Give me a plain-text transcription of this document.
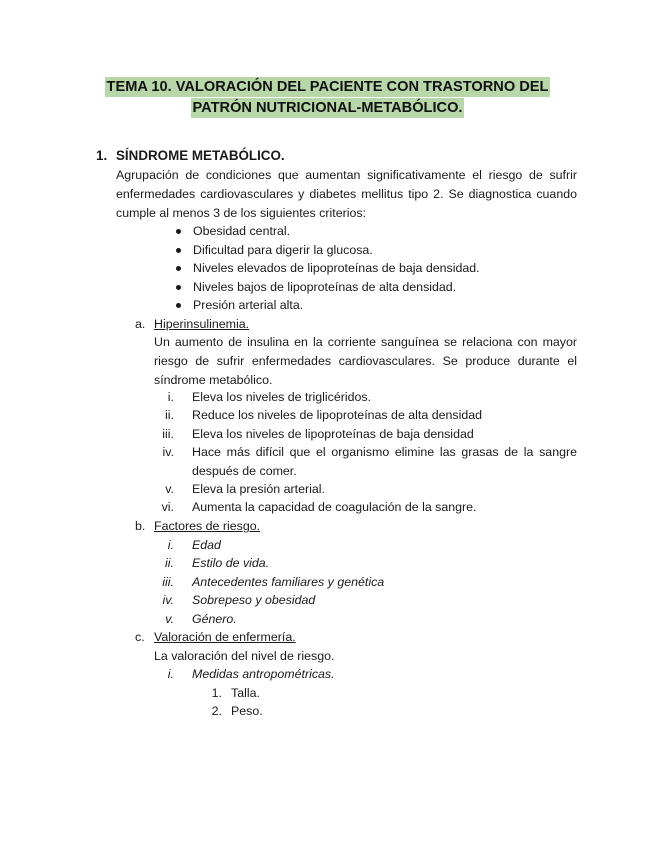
TEMA 10. VALORACIÓN DEL PACIENTE CON TRASTORNO DEL
PATRÓN NUTRICIONAL-METABÓLICO.
1. SÍNDROME METABÓLICO.

Agrupación de condiciones que aumentan significativamente el riesgo de sufrir enfermedades cardiovasculares y diabetes mellitus tipo 2. Se diagnostica cuando cumple al menos 3 de los siguientes criterios:

Obesidad central.
Dificultad para digerir la glucosa.
Niveles elevados de lipoproteínas de baja densidad.
Niveles bajos de lipoproteínas de alta densidad.
Presión arterial alta.
a. Hiperinsulinemia.

Un aumento de insulina en la corriente sanguínea se relaciona con mayor riesgo de sufrir enfermedades cardiovasculares. Se produce durante el síndrome metabólico.

i. Eleva los niveles de triglicéridos.
ii. Reduce los niveles de lipoproteínas de alta densidad
iii. Eleva los niveles de lipoproteínas de baja densidad
iv. Hace más difícil que el organismo elimine las grasas de la sangre después de comer.
v. Eleva la presión arterial.
vi. Aumenta la capacidad de coagulación de la sangre.
b. Factores de riesgo.
i. Edad
ii. Estilo de vida.
iii. Antecedentes familiares y genética
iv. Sobrepeso y obesidad
v. Género.
c. Valoración de enfermería.
La valoración del nivel de riesgo.
i. Medidas antropométricas.
1. Talla.
2. Peso.
